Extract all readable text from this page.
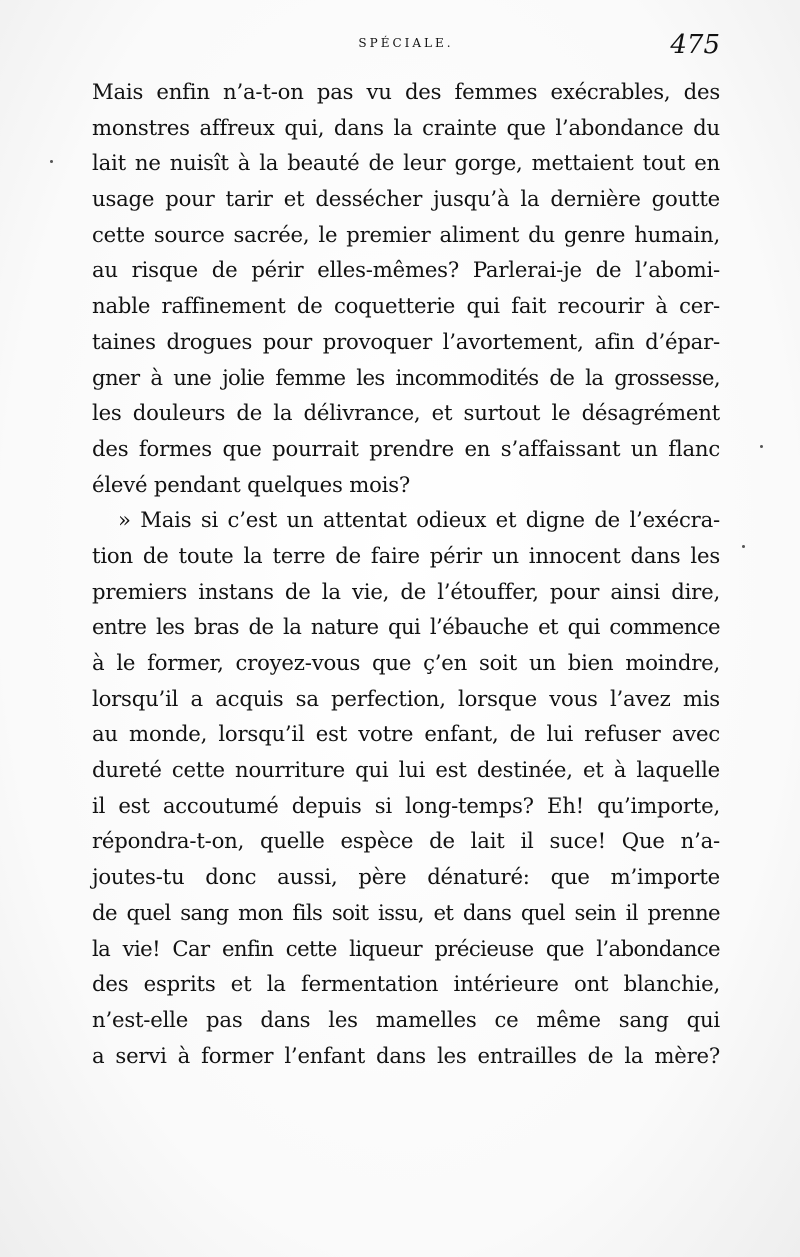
SPÉCIALE.	475
Mais enfin n’a-t-on pas vu des femmes exécrables, des
monstres affreux qui, dans la crainte que l’abondance du
lait ne nuisît à la beauté de leur gorge, mettaient tout en
usage pour tarir et dessécher jusqu’à la dernière goutte
cette source sacrée, le premier aliment du genre humain,
au risque de périr elles-mêmes? Parlerai-je de l’abomi-
nable raffinement de coquetterie qui fait recourir à cer-
taines drogues pour provoquer l’avortement, afin d’épar-
gner à une jolie femme les incommodités de la grossesse,
les douleurs de la délivrance, et surtout le désagrément
des formes que pourrait prendre en s’affaissant un flanc
élevé pendant quelques mois?
» Mais si c’est un attentat odieux et digne de l’exécra-
tion de toute la terre de faire périr un innocent dans les
premiers instans de la vie, de l’étouffer, pour ainsi dire,
entre les bras de la nature qui l’ébauche et qui commence
à le former, croyez-vous que ç’en soit un bien moindre,
lorsqu’il a acquis sa perfection, lorsque vous l’avez mis
au monde, lorsqu’il est votre enfant, de lui refuser avec
dureté cette nourriture qui lui est destinée, et à laquelle
il est accoutumé depuis si long-temps? Eh! qu’importe,
répondra-t-on, quelle espèce de lait il suce! Que n’a-
joutes-tu donc aussi, père dénaturé: que m’importe
de quel sang mon fils soit issu, et dans quel sein il prenne
la vie! Car enfin cette liqueur précieuse que l’abondance
des esprits et la fermentation intérieure ont blanchie,
n’est-elle pas dans les mamelles ce même sang qui
a servi à former l’enfant dans les entrailles de la mère?
